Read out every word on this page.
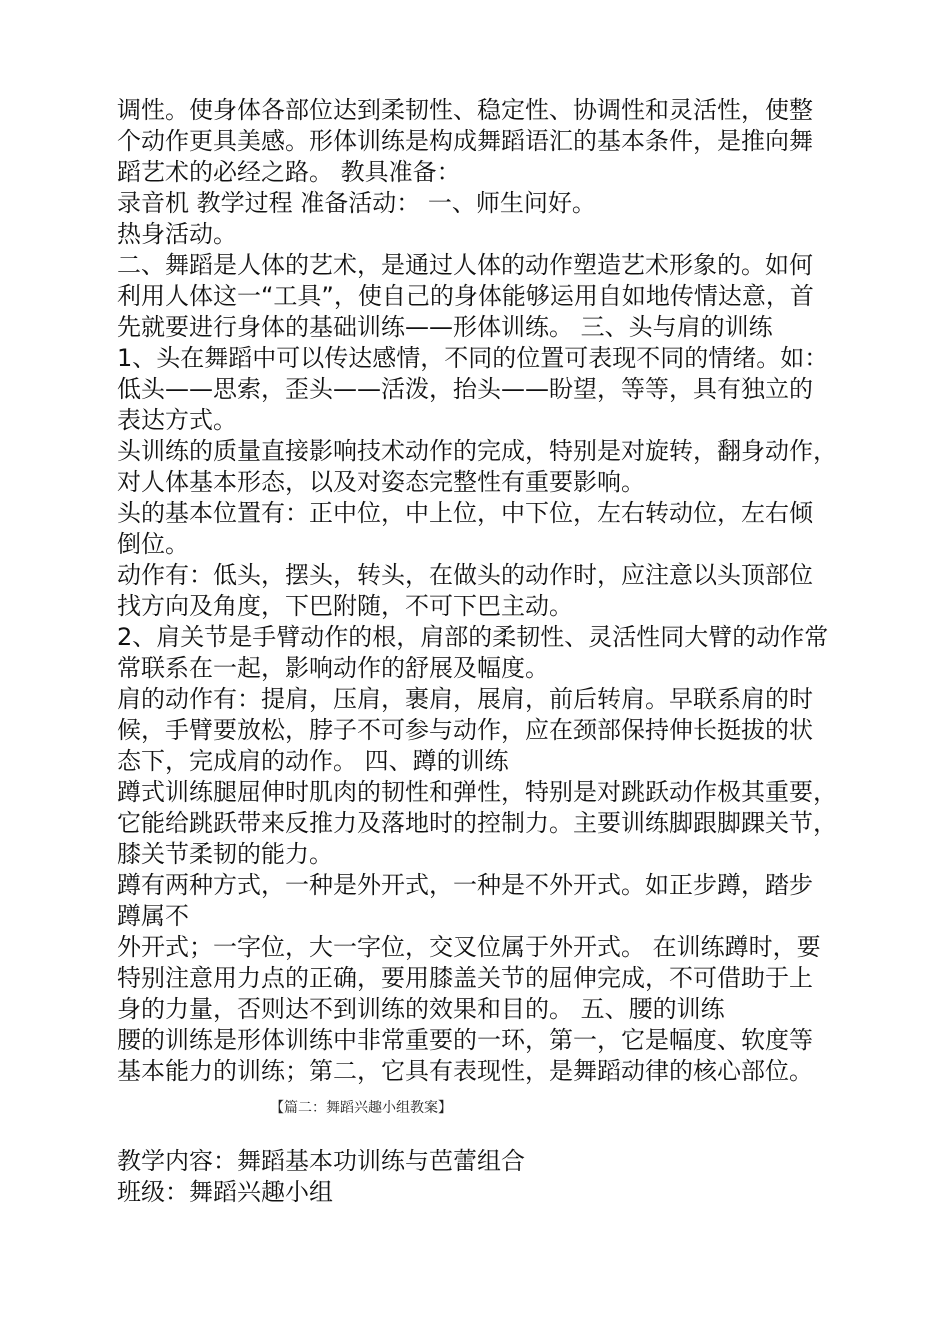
调性。使身体各部位达到柔韧性、稳定性、协调性和灵活性，使整
个动作更具美感。形体训练是构成舞蹈语汇的基本条件，是推向舞
蹈艺术的必经之路。 教具准备：
录音机 教学过程 准备活动： 一、师生问好。
热身活动。
二、舞蹈是人体的艺术，是通过人体的动作塑造艺术形象的。如何
利用人体这一“工具”，使自己的身体能够运用自如地传情达意，首
先就要进行身体的基础训练——形体训练。 三、头与肩的训练
1、头在舞蹈中可以传达感情，不同的位置可表现不同的情绪。如：
低头——思索，歪头——活泼，抬头——盼望，等等，具有独立的
表达方式。
头训练的质量直接影响技术动作的完成，特别是对旋转，翻身动作，
对人体基本形态，以及对姿态完整性有重要影响。
头的基本位置有：正中位，中上位，中下位，左右转动位，左右倾
倒位。
动作有：低头，摆头，转头，在做头的动作时，应注意以头顶部位
找方向及角度，下巴附随，不可下巴主动。
2、肩关节是手臂动作的根，肩部的柔韧性、灵活性同大臂的动作常
常联系在一起，影响动作的舒展及幅度。
肩的动作有：提肩，压肩，裹肩，展肩，前后转肩。早联系肩的时
候，手臂要放松，脖子不可参与动作，应在颈部保持伸长挺拔的状
态下，完成肩的动作。 四、蹲的训练
蹲式训练腿屈伸时肌肉的韧性和弹性，特别是对跳跃动作极其重要，
它能给跳跃带来反推力及落地时的控制力。主要训练脚跟脚踝关节，
膝关节柔韧的能力。
蹲有两种方式，一种是外开式，一种是不外开式。如正步蹲，踏步
蹲属不
外开式；一字位，大一字位，交叉位属于外开式。 在训练蹲时，要
特别注意用力点的正确，要用膝盖关节的屈伸完成，不可借助于上
身的力量，否则达不到训练的效果和目的。 五、腰的训练
腰的训练是形体训练中非常重要的一环，第一，它是幅度、软度等
基本能力的训练；第二，它具有表现性，是舞蹈动律的核心部位。
【篇二：舞蹈兴趣小组教案】
教学内容：舞蹈基本功训练与芭蕾组合
班级：舞蹈兴趣小组
